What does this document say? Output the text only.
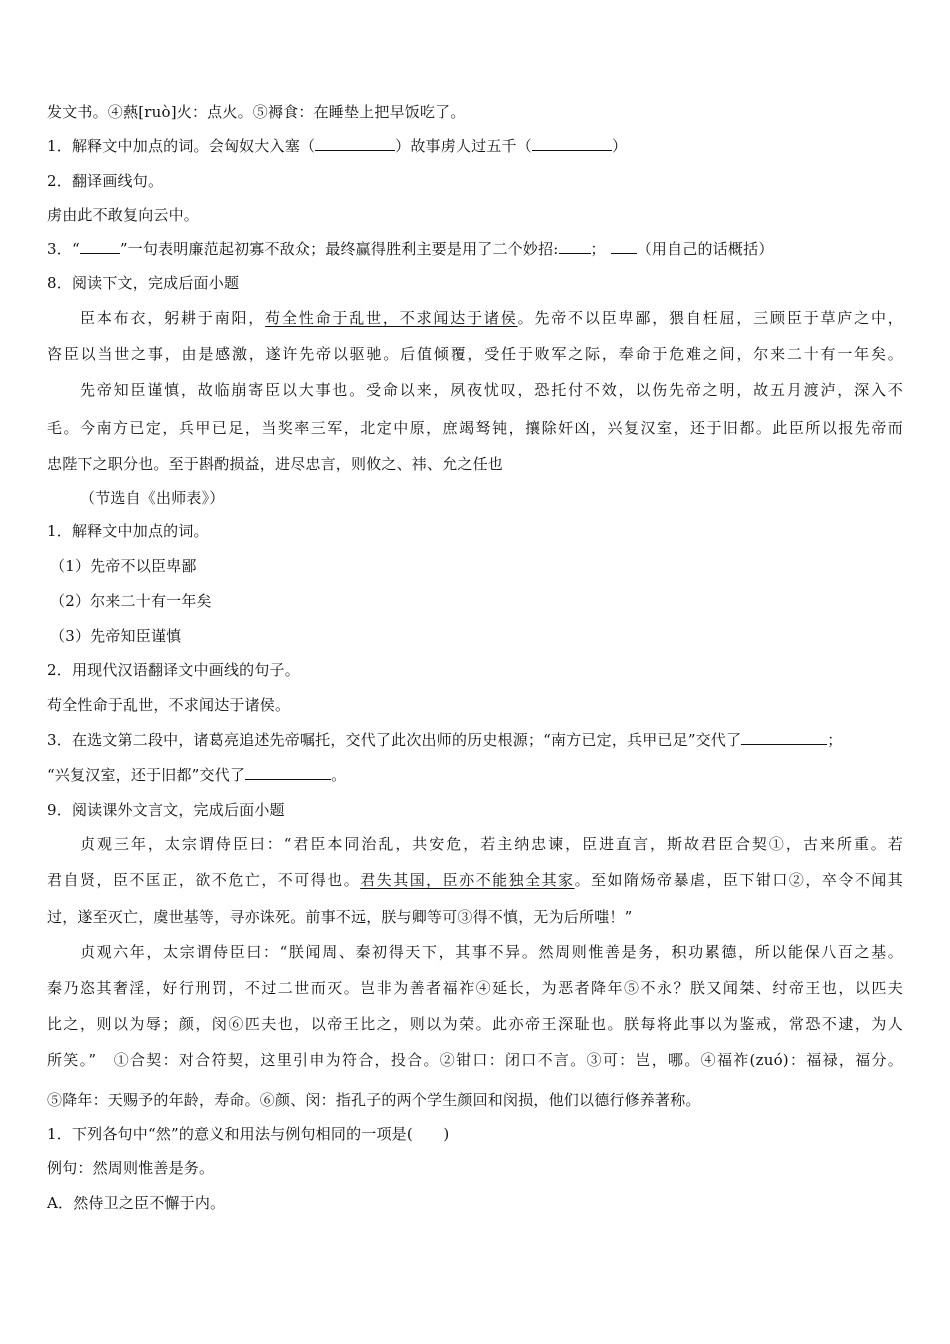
发文书。④爇[ruò]火：点火。⑤褥食：在睡垫上把早饭吃了。
1．解释文中加点的词。会匈奴大入塞（	）故事虏人过五千（	）
2．翻译画线句。
虏由此不敢复向云中。
3．“	”一句表明廉范起初寡不敌众；最终赢得胜利主要是用了二个妙招: ； （用自己的话概括）
8．阅读下文，完成后面小题
臣本布衣，躬耕于南阳，苟全性命于乱世，不求闻达于诸侯。先帝不以臣卑鄙，猥自枉屈，三顾臣于草庐之中，
咨臣以当世之事，由是感激，遂许先帝以驱驰。后值倾覆，受任于败军之际，奉命于危难之间，尔来二十有一年矣。
先帝知臣谨慎，故临崩寄臣以大事也。受命以来，夙夜忧叹，恐托付不效，以伤先帝之明，故五月渡泸，深入不
毛。今南方已定，兵甲已足，当奖率三军，北定中原，庶竭驽钝，攘除奸凶，兴复汉室，还于旧都。此臣所以报先帝而
忠陛下之职分也。至于斟酌损益，进尽忠言，则攸之、祎、允之任也
（节选自《出师表》）
1．解释文中加点的词。
（1）先帝不以臣卑鄙
（2）尔来二十有一年矣
（3）先帝知臣谨慎
2．用现代汉语翻译文中画线的句子。
苟全性命于乱世，不求闻达于诸侯。
3．在选文第二段中，诸葛亮追述先帝嘱托，交代了此次出师的历史根源；“南方已定，兵甲已足”交代了	；
“兴复汉室，还于旧都”交代了	。
9．阅读课外文言文，完成后面小题
贞观三年，太宗谓侍臣曰：“君臣本同治乱，共安危，若主纳忠谏，臣进直言，斯故君臣合契①，古来所重。若
君自贤，臣不匡正，欲不危亡，不可得也。君失其国，臣亦不能独全其家。至如隋炀帝暴虐，臣下钳口②，卒令不闻其
过，遂至灭亡，虞世基等，寻亦诛死。前事不远，朕与卿等可③得不慎，无为后所嗤！”
贞观六年，太宗谓侍臣曰：“朕闻周、秦初得天下，其事不异。然周则惟善是务，积功累德，所以能保八百之基。
秦乃恣其奢淫，好行刑罚，不过二世而灭。岂非为善者福祚④延长，为恶者降年⑤不永？朕又闻桀、纣帝王也，以匹夫
比之，则以为辱；颜，闵⑥匹夫也，以帝王比之，则以为荣。此亦帝王深耻也。朕每将此事以为鉴戒，常恐不逮，为人
所笑。”　①合契：对合符契，这里引申为符合，投合。②钳口：闭口不言。③可：岂，哪。④福祚(zuó)：福禄，福分。
⑤降年：天赐予的年龄，寿命。⑥颜、闵：指孔子的两个学生颜回和闵损，他们以德行修养著称。
1．下列各句中“然”的意义和用法与例句相同的一项是(　　)
例句：然周则惟善是务。
A．然侍卫之臣不懈于内。
